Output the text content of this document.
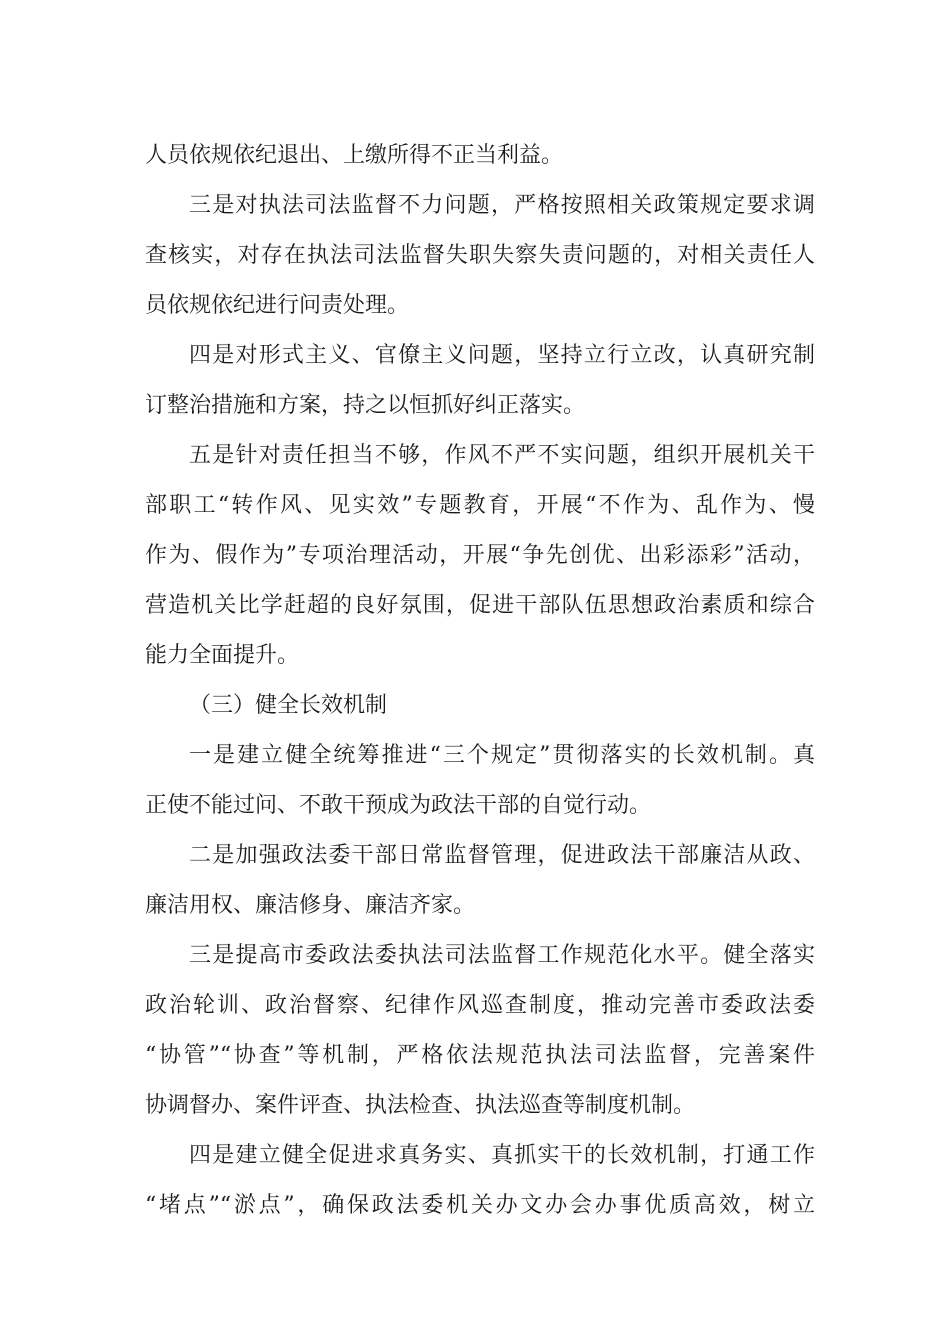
人员依规依纪退出、上缴所得不正当利益。
三是对执法司法监督不力问题，严格按照相关政策规定要求调
查核实，对存在执法司法监督失职失察失责问题的，对相关责任人
员依规依纪进行问责处理。
四是对形式主义、官僚主义问题，坚持立行立改，认真研究制
订整治措施和方案，持之以恒抓好纠正落实。
五是针对责任担当不够，作风不严不实问题，组织开展机关干
部职工“转作风、见实效”专题教育，开展“不作为、乱作为、慢
作为、假作为”专项治理活动，开展“争先创优、出彩添彩”活动，
营造机关比学赶超的良好氛围，促进干部队伍思想政治素质和综合
能力全面提升。
（三）健全长效机制
一是建立健全统筹推进“三个规定”贯彻落实的长效机制。真
正使不能过问、不敢干预成为政法干部的自觉行动。
二是加强政法委干部日常监督管理，促进政法干部廉洁从政、
廉洁用权、廉洁修身、廉洁齐家。
三是提高市委政法委执法司法监督工作规范化水平。健全落实
政治轮训、政治督察、纪律作风巡查制度，推动完善市委政法委
“协管”“协查”等机制，严格依法规范执法司法监督，完善案件
协调督办、案件评查、执法检查、执法巡查等制度机制。
四是建立健全促进求真务实、真抓实干的长效机制，打通工作
“堵点”“淤点”，确保政法委机关办文办会办事优质高效，树立
